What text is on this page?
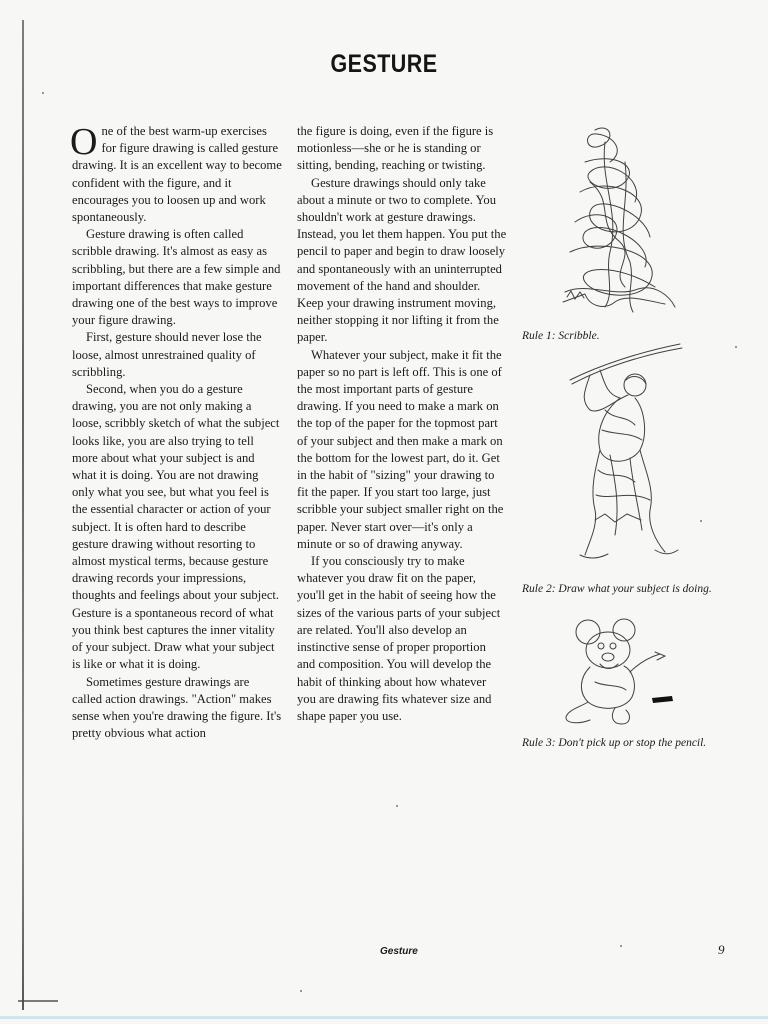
GESTURE

One of the best warm-up exercises for figure drawing is called gesture drawing. It is an excellent way to become confident with the figure, and it encourages you to loosen up and work spontaneously.

Gesture drawing is often called scribble drawing. It's almost as easy as scribbling, but there are a few simple and important differences that make gesture drawing one of the best ways to improve your figure drawing.

First, gesture should never lose the loose, almost unrestrained quality of scribbling.

Second, when you do a gesture drawing, you are not only making a loose, scribbly sketch of what the subject looks like, you are also trying to tell more about what your subject is and what it is doing. You are not drawing only what you see, but what you feel is the essential character or action of your subject. It is often hard to describe gesture drawing without resorting to almost mystical terms, because gesture drawing records your impressions, thoughts and feelings about your subject. Gesture is a spontaneous record of what you think best captures the inner vitality of your subject. Draw what your subject is like or what it is doing.

Sometimes gesture drawings are called action drawings. "Action" makes sense when you're drawing the figure. It's pretty obvious what action

the figure is doing, even if the figure is motionless—she or he is standing or sitting, bending, reaching or twisting.

Gesture drawings should only take about a minute or two to complete. You shouldn't work at gesture drawings. Instead, you let them happen. You put the pencil to paper and begin to draw loosely and spontaneously with an uninterrupted movement of the hand and shoulder. Keep your drawing instrument moving, neither stopping it nor lifting it from the paper.

Whatever your subject, make it fit the paper so no part is left off. This is one of the most important parts of gesture drawing. If you need to make a mark on the top of the paper for the topmost part of your subject and then make a mark on the bottom for the lowest part, do it. Get in the habit of "sizing" your drawing to fit the paper. If you start too large, just scribble your subject smaller right on the paper. Never start over—it's only a minute or so of drawing anyway.

If you consciously try to make whatever you draw fit on the paper, you'll get in the habit of seeing how the sizes of the various parts of your subject are related. You'll also develop an instinctive sense of proper proportion and composition. You will develop the habit of thinking about how whatever you are drawing fits whatever size and shape paper you use.

Rule 1: Scribble.
Rule 2: Draw what your subject is doing.
Rule 3: Don't pick up or stop the pencil.
Gesture	9
